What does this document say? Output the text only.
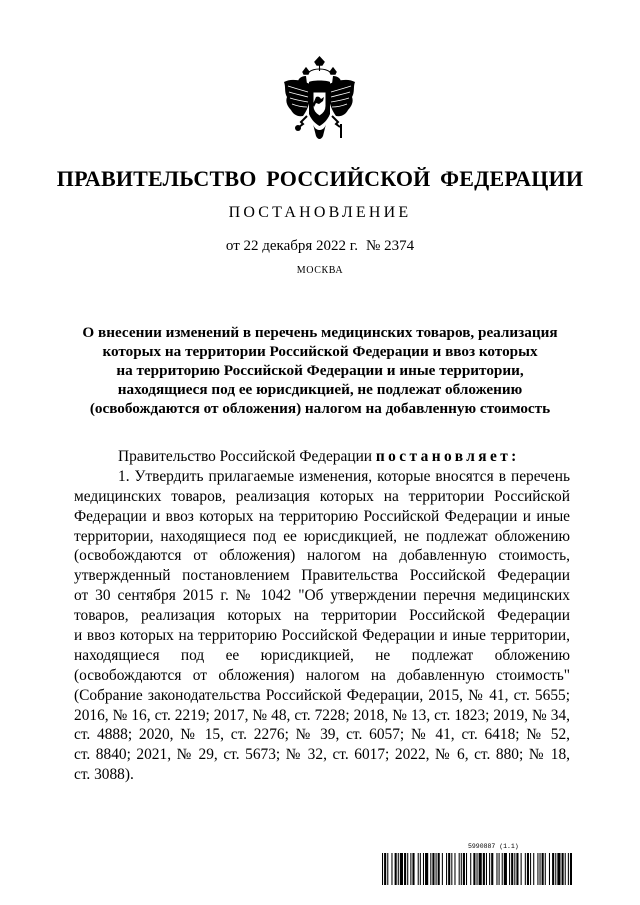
ПРАВИТЕЛЬСТВО РОССИЙСКОЙ ФЕДЕРАЦИИ
ПОСТАНОВЛЕНИЕ
от 22 декабря 2022 г. № 2374
МОСКВА
О внесении изменений в перечень медицинских товаров, реализация
которых на территории Российской Федерации и ввоз которых
на территорию Российской Федерации и иные территории,
находящиеся под ее юрисдикцией, не подлежат обложению
(освобождаются от обложения) налогом на добавленную стоимость
Правительство Российской Федерации постановляет:
1. Утвердить прилагаемые изменения, которые вносятся в перечень
медицинских товаров, реализация которых на территории Российской
Федерации и ввоз которых на территорию Российской Федерации и иные
территории, находящиеся под ее юрисдикцией, не подлежат обложению
(освобождаются от обложения) налогом на добавленную стоимость,
утвержденный постановлением Правительства Российской Федерации
от 30 сентября 2015 г. № 1042 "Об утверждении перечня медицинских
товаров, реализация которых на территории Российской Федерации
и ввоз которых на территорию Российской Федерации и иные территории,
находящиеся под ее юрисдикцией, не подлежат обложению
(освобождаются от обложения) налогом на добавленную стоимость"
(Собрание законодательства Российской Федерации, 2015, № 41, ст. 5655;
2016, № 16, ст. 2219; 2017, № 48, ст. 7228; 2018, № 13, ст. 1823; 2019, № 34,
ст. 4888; 2020, № 15, ст. 2276; № 39, ст. 6057; № 41, ст. 6418; № 52,
ст. 8840; 2021, № 29, ст. 5673; № 32, ст. 6017; 2022, № 6, ст. 880; № 18,
ст. 3088).
5990887 (1.1)
